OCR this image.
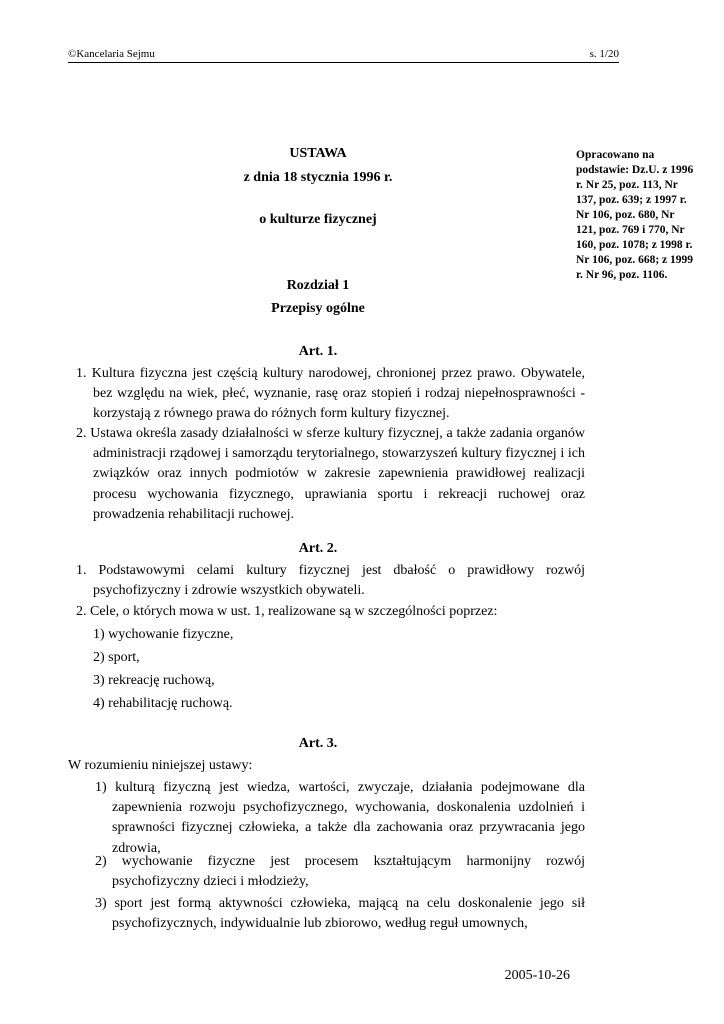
©Kancelaria Sejmu	s. 1/20
USTAWA
z dnia 18 stycznia 1996 r.
o kulturze fizycznej
Opracowano na podstawie: Dz.U. z 1996 r. Nr 25, poz. 113, Nr 137, poz. 639; z 1997 r. Nr 106, poz. 680, Nr 121, poz. 769 i 770, Nr 160, poz. 1078; z 1998 r. Nr 106, poz. 668; z 1999 r. Nr 96, poz. 1106.
Rozdział 1
Przepisy ogólne
Art. 1.
1. Kultura fizyczna jest częścią kultury narodowej, chronionej przez prawo. Obywatele, bez względu na wiek, płeć, wyznanie, rasę oraz stopień i rodzaj niepełnosprawności - korzystają z równego prawa do różnych form kultury fizycznej.
2. Ustawa określa zasady działalności w sferze kultury fizycznej, a także zadania organów administracji rządowej i samorządu terytorialnego, stowarzyszeń kultury fizycznej i ich związków oraz innych podmiotów w zakresie zapewnienia prawidłowej realizacji procesu wychowania fizycznego, uprawiania sportu i rekreacji ruchowej oraz prowadzenia rehabilitacji ruchowej.
Art. 2.
1. Podstawowymi celami kultury fizycznej jest dbałość o prawidłowy rozwój psychofizyczny i zdrowie wszystkich obywateli.
2. Cele, o których mowa w ust. 1, realizowane są w szczególności poprzez:
1) wychowanie fizyczne,
2) sport,
3) rekreację ruchową,
4) rehabilitację ruchową.
Art. 3.
W rozumieniu niniejszej ustawy:
1) kulturą fizyczną jest wiedza, wartości, zwyczaje, działania podejmowane dla zapewnienia rozwoju psychofizycznego, wychowania, doskonalenia uzdolnień i sprawności fizycznej człowieka, a także dla zachowania oraz przywracania jego zdrowia,
2) wychowanie fizyczne jest procesem kształtującym harmonijny rozwój psychofizyczny dzieci i młodzieży,
3) sport jest formą aktywności człowieka, mającą na celu doskonalenie jego sił psychofizycznych, indywidualnie lub zbiorowo, według reguł umownych,
2005-10-26
